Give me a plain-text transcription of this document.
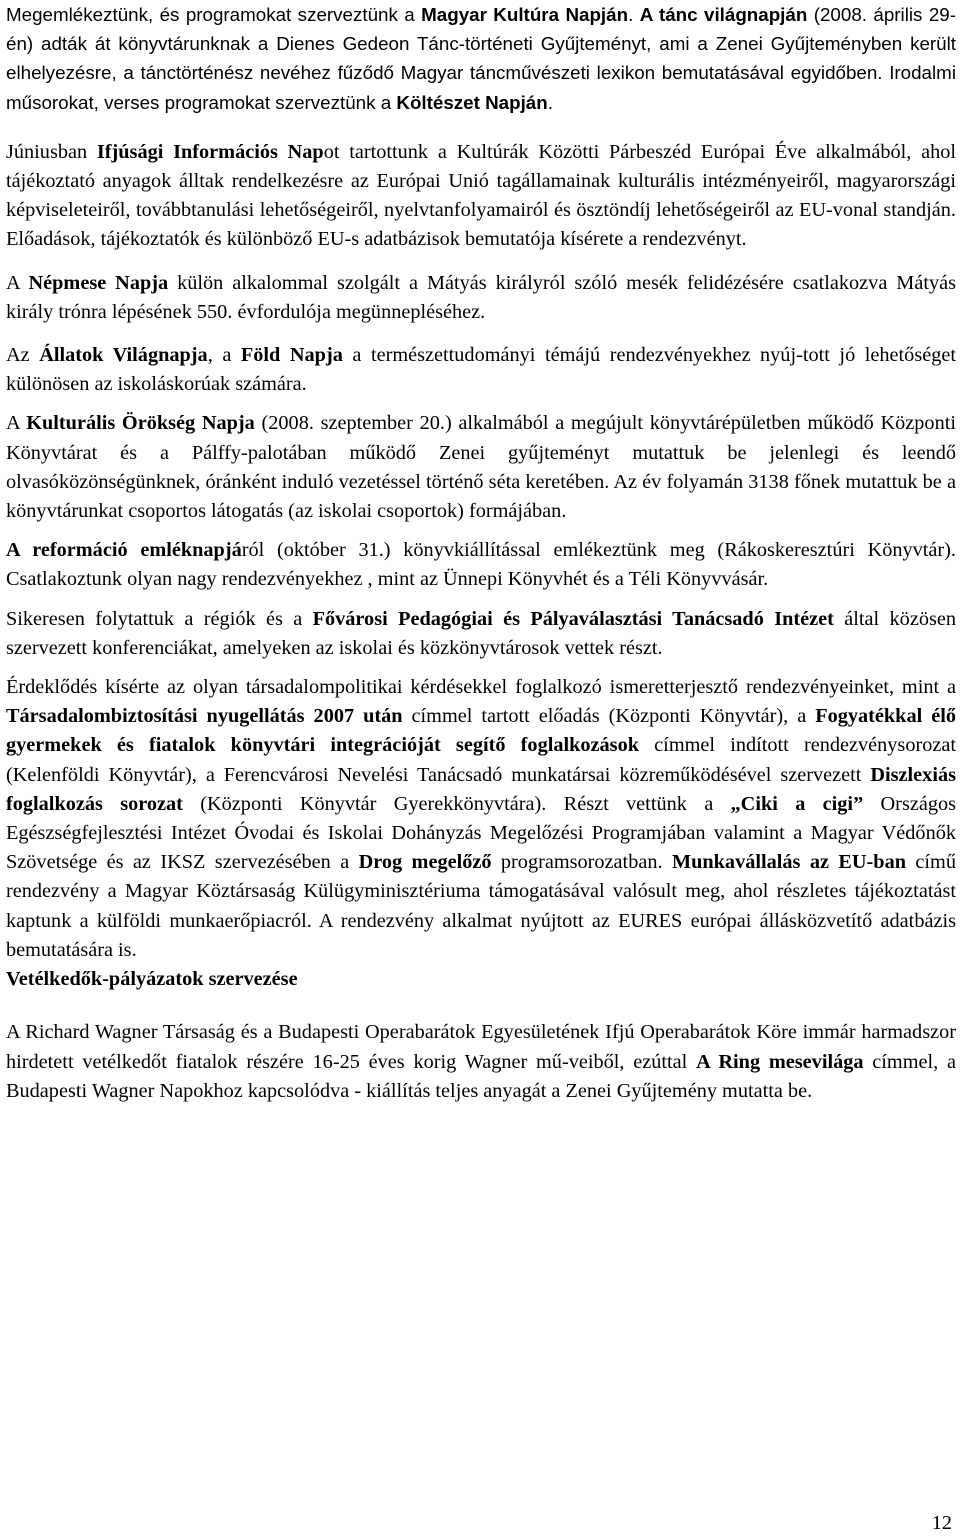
Megemlékeztünk, és programokat szerveztünk a Magyar Kultúra Napján. A tánc világnapján (2008. április 29-én) adták át könyvtárunknak a Dienes Gedeon Tánc-történeti Gyűjteményt, ami a Zenei Gyűjteményben került elhelyezésre, a tánctörténész nevéhez fűződő Magyar táncművészeti lexikon bemutatásával egyidőben. Irodalmi műsorokat, verses programokat szerveztünk a Költészet Napján.

Júniusban Ifjúsági Információs Napot tartottunk a Kultúrák Közötti Párbeszéd Európai Éve alkalmából, ahol tájékoztató anyagok álltak rendelkezésre az Európai Unió tagállamainak kulturális intézményeiről, magyarországi képviseleteiről, továbbtanulási lehetőségeiről, nyelvtanfolyamairól és ösztöndíj lehetőségeiről az EU-vonal standján. Előadások, tájékoztatók és különböző EU-s adatbázisok bemutatója kísérete a rendezvényt.

A Népmese Napja külön alkalommal szolgált a Mátyás királyról szóló mesék felidézésére csatlakozva Mátyás király trónra lépésének 550. évfordulója megünnepléséhez.

Az Állatok Világnapja, a Föld Napja a természettudományi témájú rendezvényekhez nyúj-tott jó lehetőséget különösen az iskoláskorúak számára.

A Kulturális Örökség Napja (2008. szeptember 20.) alkalmából a megújult könyvtárépületben működő Központi Könyvtárat és a Pálffy-palotában működő Zenei gyűjteményt mutattuk be jelenlegi és leendő olvasóközönségünknek, óránként induló vezetéssel történő séta keretében. Az év folyamán 3138 főnek mutattuk be a könyvtárunkat csoportos látogatás (az iskolai csoportok) formájában.

A reformáció emléknapjáról (október 31.) könyvkiállítással emlékeztünk meg (Rákoskeresztúri Könyvtár). Csatlakoztunk olyan nagy rendezvényekhez , mint az Ünnepi Könyvhét és a Téli Könyvvásár.

Sikeresen folytattuk a régiók és a Fővárosi Pedagógiai és Pályaválasztási Tanácsadó Intézet által közösen szervezett konferenciákat, amelyeken az iskolai és közkönyvtárosok vettek részt.

Érdeklődés kísérte az olyan társadalompolitikai kérdésekkel foglalkozó ismeretterjesztő rendezvényeinket, mint a Társadalombiztosítási nyugellátás 2007 után címmel tartott előadás (Központi Könyvtár), a Fogyatékkal élő gyermekek és fiatalok könyvtári integrációját segítő foglalkozások címmel indított rendezvénysorozat (Kelenföldi Könyvtár), a Ferencvárosi Nevelési Tanácsadó munkatársai közreműködésével szervezett Diszlexiás foglalkozás sorozat (Központi Könyvtár Gyerekkönyvtára). Részt vettünk a „Ciki a cigi” Országos Egészségfejlesztési Intézet Óvodai és Iskolai Dohányzás Megelőzési Programjában valamint a Magyar Védőnők Szövetsége és az IKSZ szervezésében a Drog megelőző programsorozatban. Munkavállalás az EU-ban című rendezvény a Magyar Köztársaság Külügyminisztériuma támogatásával valósult meg, ahol részletes tájékoztatást kaptunk a külföldi munkaerőpiacról. A rendezvény alkalmat nyújtott az EURES európai állásközvetítő adatbázis bemutatására is.

Vetélkedők-pályázatok szervezése

A Richard Wagner Társaság és a Budapesti Operabarátok Egyesületének Ifjú Operabarátok Köre immár harmadszor hirdetett vetélkedőt fiatalok részére 16-25 éves korig Wagner mű-veiből, ezúttal A Ring mesevilága címmel, a Budapesti Wagner Napokhoz kapcsolódva - kiállítás teljes anyagát a Zenei Gyűjtemény mutatta be.

12
